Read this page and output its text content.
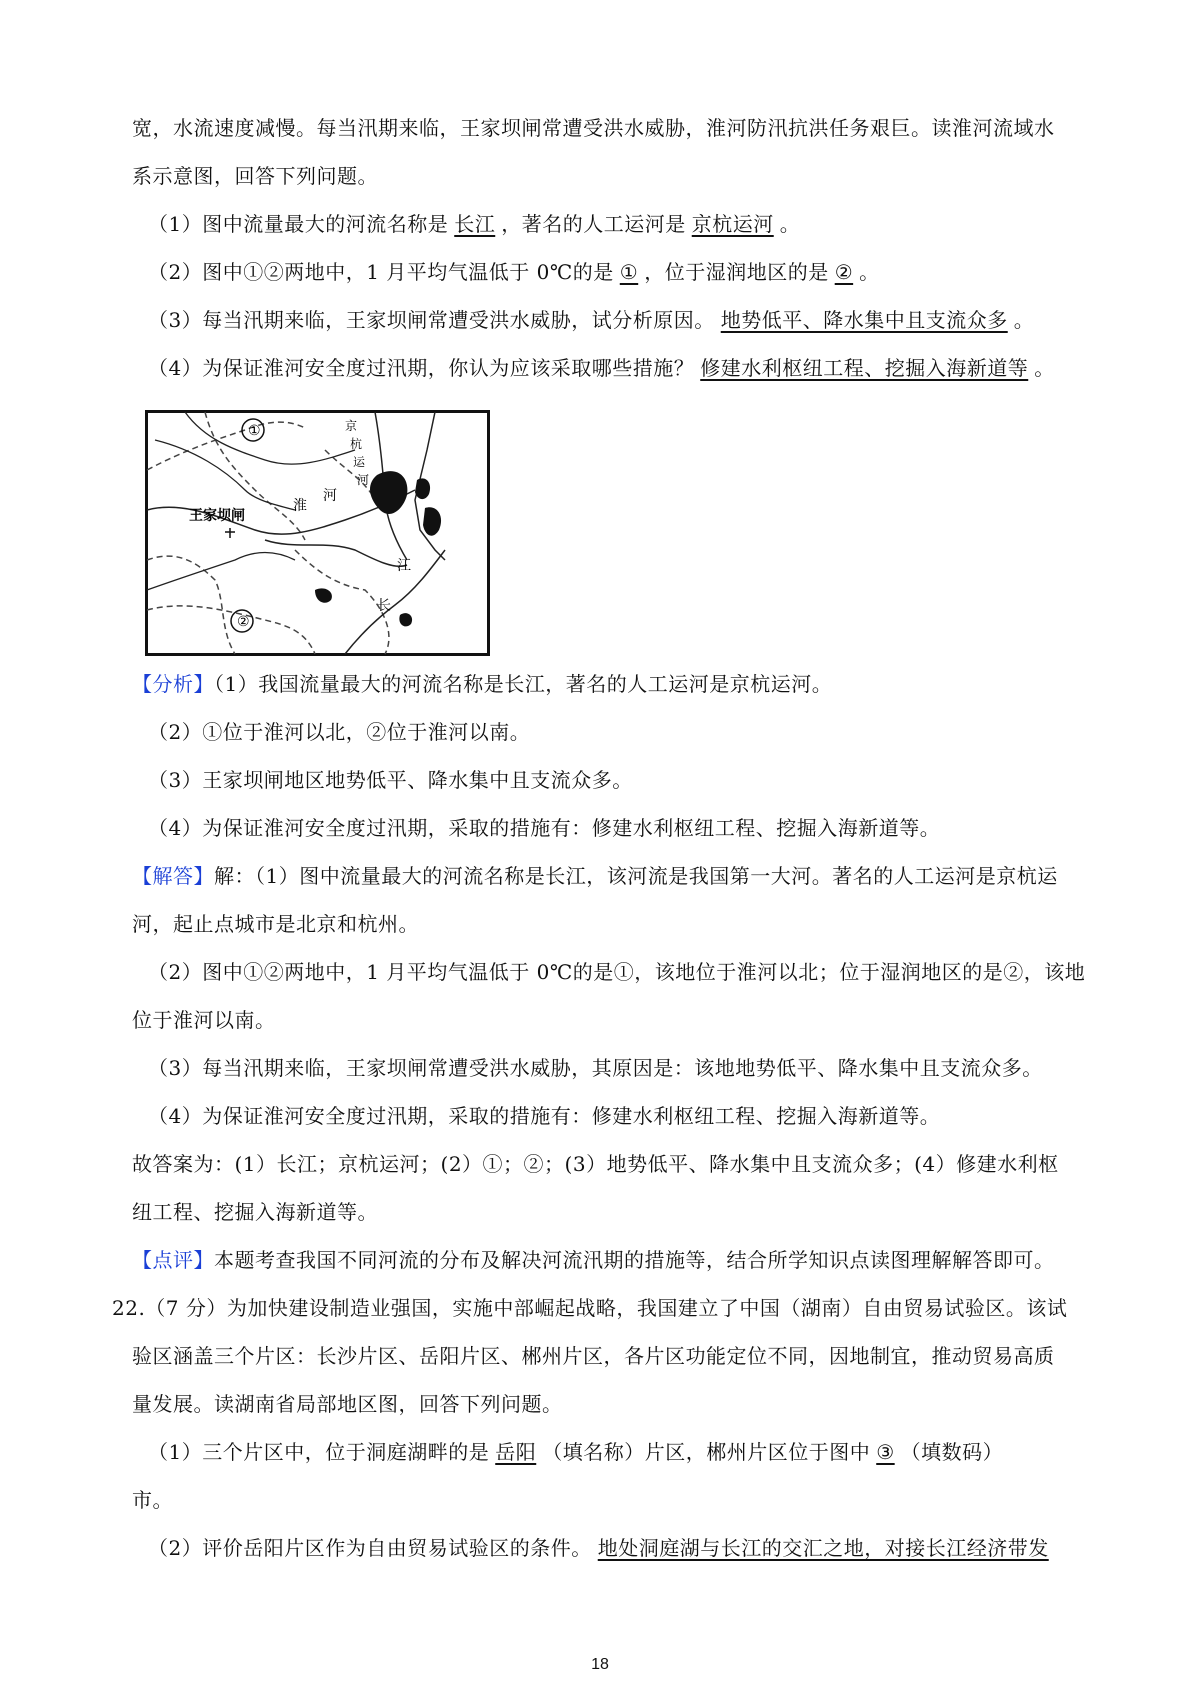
宽，水流速度减慢。每当汛期来临，王家坝闸常遭受洪水威胁，淮河防汛抗洪任务艰巨。读淮河流域水
系示意图，回答下列问题。
（1）图中流量最大的河流名称是 长江 ，著名的人工运河是 京杭运河 。
（2）图中①②两地中，1 月平均气温低于 0℃的是 ① ，位于湿润地区的是 ② 。
（3）每当汛期来临，王家坝闸常遭受洪水威胁，试分析原因。 地势低平、降水集中且支流众多 。
（4）为保证淮河安全度过汛期，你认为应该采取哪些措施？ 修建水利枢纽工程、挖掘入海新道等 。
①
②
王家坝闸
淮
河
京
杭
运
河
江
长
【分析】（1）我国流量最大的河流名称是长江，著名的人工运河是京杭运河。
（2）①位于淮河以北，②位于淮河以南。
（3）王家坝闸地区地势低平、降水集中且支流众多。
（4）为保证淮河安全度过汛期，采取的措施有：修建水利枢纽工程、挖掘入海新道等。
【解答】解：（1）图中流量最大的河流名称是长江，该河流是我国第一大河。著名的人工运河是京杭运
河，起止点城市是北京和杭州。
（2）图中①②两地中，1 月平均气温低于 0℃的是①，该地位于淮河以北；位于湿润地区的是②，该地
位于淮河以南。
（3）每当汛期来临，王家坝闸常遭受洪水威胁，其原因是：该地地势低平、降水集中且支流众多。
（4）为保证淮河安全度过汛期，采取的措施有：修建水利枢纽工程、挖掘入海新道等。
故答案为：(1）长江；京杭运河；(2）①；②；(3）地势低平、降水集中且支流众多；(4）修建水利枢
纽工程、挖掘入海新道等。
【点评】本题考查我国不同河流的分布及解决河流汛期的措施等，结合所学知识点读图理解解答即可。
22.（7 分）为加快建设制造业强国，实施中部崛起战略，我国建立了中国（湖南）自由贸易试验区。该试
验区涵盖三个片区：长沙片区、岳阳片区、郴州片区，各片区功能定位不同，因地制宜，推动贸易高质
量发展。读湖南省局部地区图，回答下列问题。
（1）三个片区中，位于洞庭湖畔的是 岳阳 （填名称）片区，郴州片区位于图中 ③ （填数码）
市。
（2）评价岳阳片区作为自由贸易试验区的条件。 地处洞庭湖与长江的交汇之地，对接长江经济带发
18
